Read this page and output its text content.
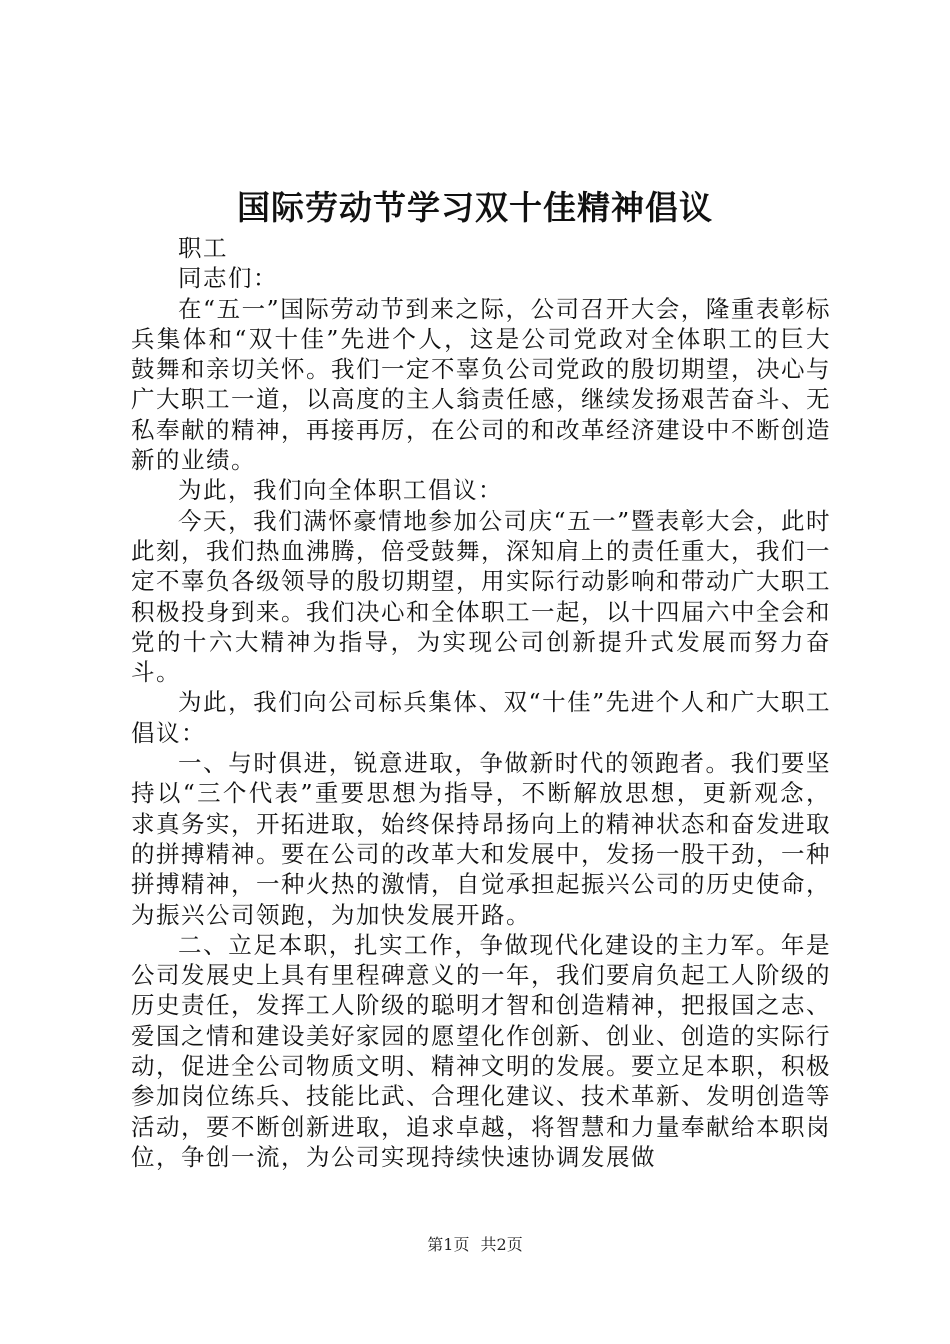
国际劳动节学习双十佳精神倡议

职工

同志们：

在“五一”国际劳动节到来之际，公司召开大会，隆重表彰标兵集体和“双十佳”先进个人，这是公司党政对全体职工的巨大鼓舞和亲切关怀。我们一定不辜负公司党政的殷切期望，决心与广大职工一道，以高度的主人翁责任感，继续发扬艰苦奋斗、无私奉献的精神，再接再厉，在公司的和改革经济建设中不断创造新的业绩。

为此，我们向全体职工倡议：

今天，我们满怀豪情地参加公司庆“五一”暨表彰大会，此时此刻，我们热血沸腾，倍受鼓舞，深知肩上的责任重大，我们一定不辜负各级领导的殷切期望，用实际行动影响和带动广大职工积极投身到来。我们决心和全体职工一起，以十四届六中全会和党的十六大精神为指导，为实现公司创新提升式发展而努力奋斗。

为此，我们向公司标兵集体、双“十佳”先进个人和广大职工倡议：

一、与时俱进，锐意进取，争做新时代的领跑者。我们要坚持以“三个代表”重要思想为指导，不断解放思想，更新观念，求真务实，开拓进取，始终保持昂扬向上的精神状态和奋发进取的拼搏精神。要在公司的改革大和发展中，发扬一股干劲，一种拼搏精神，一种火热的激情，自觉承担起振兴公司的历史使命，为振兴公司领跑，为加快发展开路。

二、立足本职，扎实工作，争做现代化建设的主力军。年是公司发展史上具有里程碑意义的一年，我们要肩负起工人阶级的历史责任，发挥工人阶级的聪明才智和创造精神，把报国之志、爱国之情和建设美好家园的愿望化作创新、创业、创造的实际行动，促进全公司物质文明、精神文明的发展。要立足本职，积极参加岗位练兵、技能比武、合理化建议、技术革新、发明创造等活动，要不断创新进取，追求卓越，将智慧和力量奉献给本职岗位，争创一流，为公司实现持续快速协调发展做

第1页 共2页
